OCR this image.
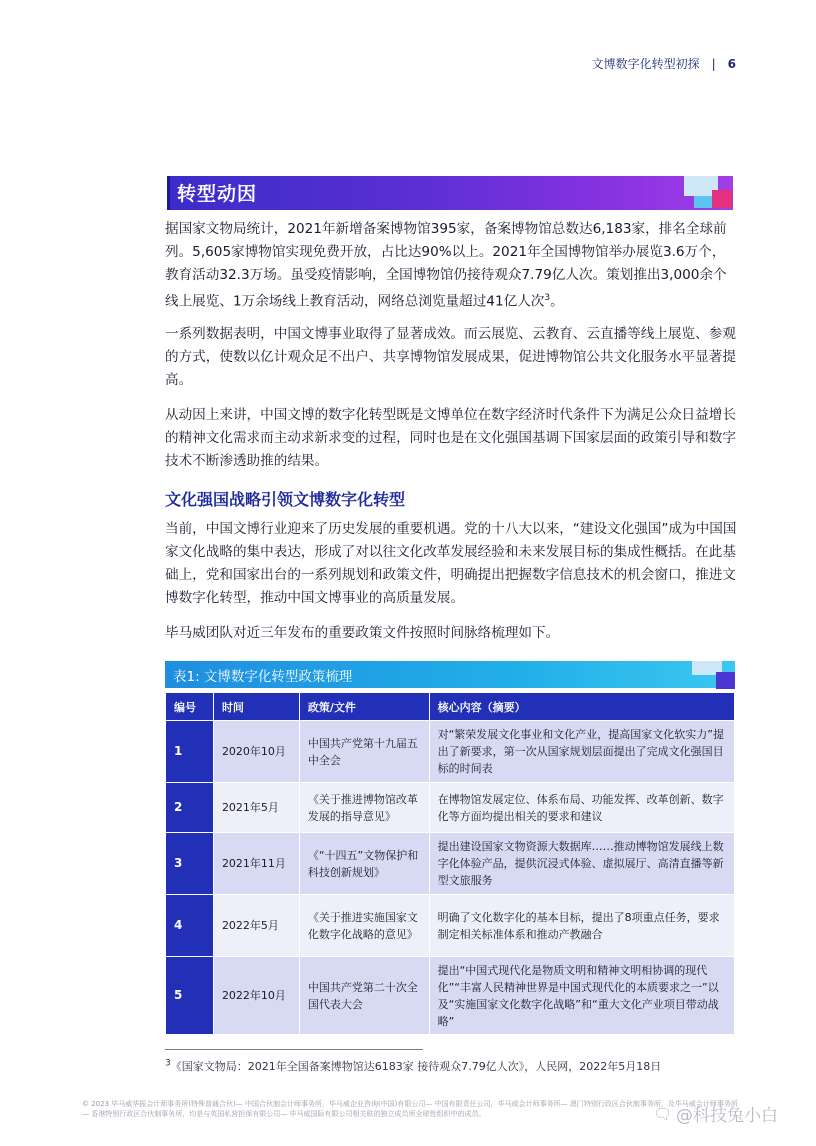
文博数字化转型初探 | 6
转型动因

据国家文物局统计，2021年新增备案博物馆395家，备案博物馆总数达6,183家，排名全球前列。5,605家博物馆实现免费开放，占比达90%以上。2021年全国博物馆举办展览3.6万个，教育活动32.3万场。虽受疫情影响，全国博物馆仍接待观众7.79亿人次。策划推出3,000余个线上展览、1万余场线上教育活动，网络总浏览量超过41亿人次$^3$。

一系列数据表明，中国文博事业取得了显著成效。而云展览、云教育、云直播等线上展览、参观的方式，使数以亿计观众足不出户、共享博物馆发展成果，促进博物馆公共文化服务水平显著提高。

从动因上来讲，中国文博的数字化转型既是文博单位在数字经济时代条件下为满足公众日益增长的精神文化需求而主动求新求变的过程，同时也是在文化强国基调下国家层面的政策引导和数字技术不断渗透助推的结果。

文化强国战略引领文博数字化转型

当前，中国文博行业迎来了历史发展的重要机遇。党的十八大以来，“建设文化强国”成为中国国家文化战略的集中表达，形成了对以往文化改革发展经验和未来发展目标的集成性概括。在此基础上，党和国家出台的一系列规划和政策文件，明确提出把握数字信息技术的机会窗口，推进文博数字化转型，推动中国文博事业的高质量发展。

毕马威团队对近三年发布的重要政策文件按照时间脉络梳理如下。

表1: 文博数字化转型政策梳理
编号	时间	政策/文件	核心内容（摘要）
1	2020年10月	中国共产党第十九届五中全会	对“繁荣发展文化事业和文化产业，提高国家文化软实力”提出了新要求，第一次从国家规划层面提出了完成文化强国目标的时间表
2	2021年5月	《关于推进博物馆改革发展的指导意见》	在博物馆发展定位、体系布局、功能发挥、改革创新、数字化等方面均提出相关的要求和建议
3	2021年11月	《“十四五”文物保护和科技创新规划》	提出建设国家文物资源大数据库……推动博物馆发展线上数字化体验产品，提供沉浸式体验、虚拟展厅、高清直播等新型文旅服务
4	2022年5月	《关于推进实施国家文化数字化战略的意见》	明确了文化数字化的基本目标，提出了8项重点任务，要求制定相关标准体系和推动产教融合
5	2022年10月	中国共产党第二十次全国代表大会	提出“中国式现代化是物质文明和精神文明相协调的现代化”“丰富人民精神世界是中国式现代化的本质要求之一”以及“实施国家文化数字化战略”和“重大文化产业项目带动战略”
$^3$《国家文物局：2021年全国备案博物馆达6183家 接待观众7.79亿人次》，人民网，2022年5月18日
© 2023 毕马威华振会计师事务所(特殊普通合伙)— 中国合伙制会计师事务所，毕马威企业咨询(中国)有限公司— 中国有限责任公司，毕马威会计师事务所— 澳门特别行政区合伙制事务所，及毕马威会计师事务所— 香港特别行政区合伙制事务所，均是与英国私营担保有限公司— 毕马威国际有限公司相关联的独立成员所全球性组织中的成员。	🗨 @科技兔小白
